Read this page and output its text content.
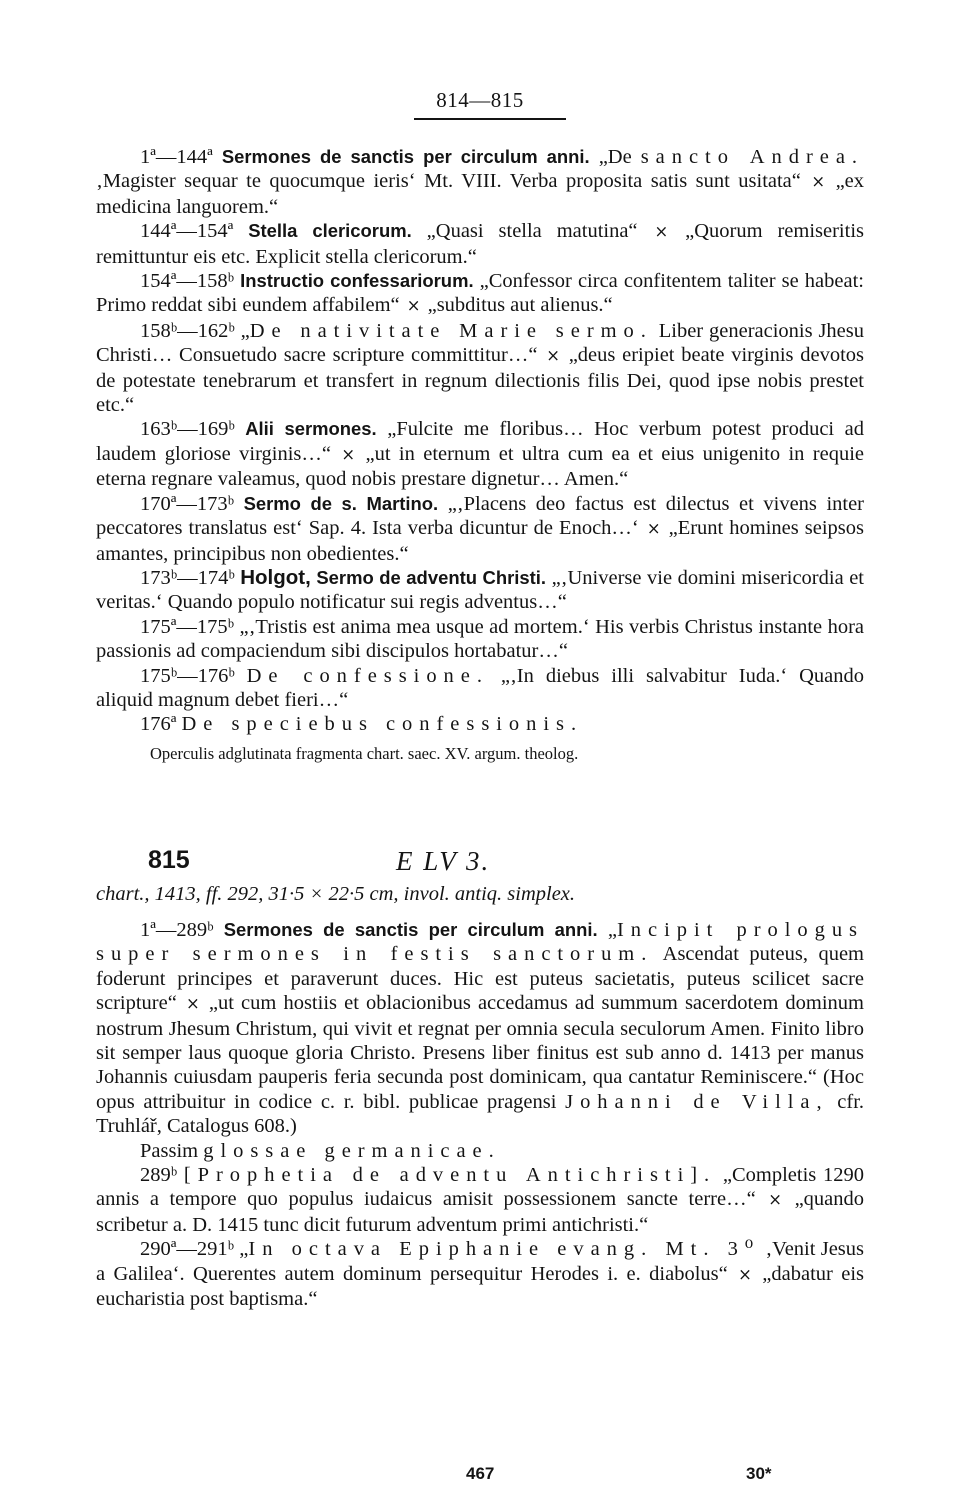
814—815

1ª—144ª Sermones de sanctis per circulum anni. „De sancto Andrea. ‚Magister sequar te quocumque ieris‘ Mt. VIII. Verba proposita satis sunt usitata“ × „ex medicina languorem.“

144ª—154ª Stella clericorum. „Quasi stella matutina“ × „Quorum remiseritis remittuntur eis etc. Explicit stella clericorum.“

154ª—158ᵇ Instructio confessariorum. „Confessor circa confitentem taliter se habeat: Primo reddat sibi eundem affabilem“ × „subditus aut alienus.“

158ᵇ—162ᵇ „De nativitate Marie sermo. Liber generacionis Jhesu Christi… Consuetudo sacre scripture committitur…“ × „deus eripiet beate virginis devotos de potestate tenebrarum et transfert in regnum dilectionis filis Dei, quod ipse nobis prestet etc.“

163ᵇ—169ᵇ Alii sermones. „Fulcite me floribus… Hoc verbum potest produci ad laudem gloriose virginis…“ × „ut in eternum et ultra cum ea et eius unigenito in requie eterna regnare valeamus, quod nobis prestare dignetur… Amen.“

170ª—173ᵇ Sermo de s. Martino. „‚Placens deo factus est dilectus et vivens inter peccatores translatus est‘ Sap. 4. Ista verba dicuntur de Enoch…‘ × „Erunt homines seipsos amantes, principibus non obedientes.“

173ᵇ—174ᵇ Holgot, Sermo de adventu Christi. „‚Universe vie domini misericordia et veritas.‘ Quando populo notificatur sui regis adventus…“

175ª—175ᵇ „‚Tristis est anima mea usque ad mortem.‘ His verbis Christus instante hora passionis ad compaciendum sibi discipulos hortabatur…“

175ᵇ—176ᵇ De confessione. „‚In diebus illi salvabitur Iuda.‘ Quando aliquid magnum debet fieri…“

176ª De speciebus confessionis.

Operculis adglutinata fragmenta chart. saec. XV. argum. theolog.

815	E LV 3.
chart., 1413, ff. 292, 31·5 × 22·5 cm, invol. antiq. simplex.

1ª—289ᵇ Sermones de sanctis per circulum anni. „Incipit prologus super sermones in festis sanctorum. Ascendat puteus, quem foderunt principes et paraverunt duces. Hic est puteus sacietatis, puteus scilicet sacre scripture“ × „ut cum hostiis et oblacionibus accedamus ad summum sacerdotem dominum nostrum Jhesum Christum, qui vivit et regnat per omnia secula seculorum Amen. Finito libro sit semper laus quoque gloria Christo. Presens liber finitus est sub anno d. 1413 per manus Johannis cuiusdam pauperis feria secunda post dominicam, qua cantatur Reminiscere.“ (Hoc opus attribuitur in codice c. r. bibl. publicae pragensi Johanni de Villa, cfr. Truhlář, Catalogus 608.)

Passim glossae germanicae.

289ᵇ [Prophetia de adventu Antichristi]. „Completis 1290 annis a tempore quo populus iudaicus amisit possessionem sancte terre…“ × „quando scribetur a. D. 1415 tunc dicit futurum adventum primi antichristi.“

290ª—291ᵇ „In octava Epiphanie evang. Mt. 3⁰ ‚Venit Jesus a Galilea‘. Querentes autem dominum persequitur Herodes i. e. diabolus“ × „dabatur eis eucharistia post baptisma.“

467	30*
